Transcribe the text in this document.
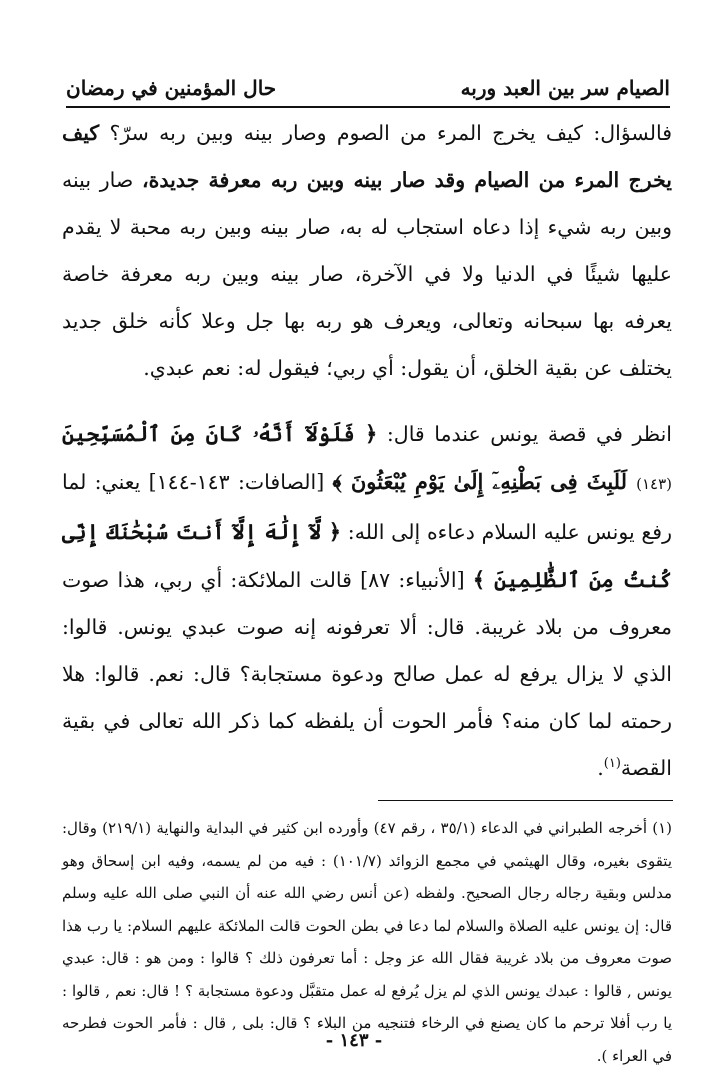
الصيام سر بين العبد وربه
حال المؤمنين في رمضان

فالسؤال: كيف يخرج المرء من الصوم وصار بينه وبين ربه سرّ؟ كيف يخرج المرء من الصيام وقد صار بينه وبين ربه معرفة جديدة، صار بينه وبين ربه شيء إذا دعاه استجاب له به، صار بينه وبين ربه محبة لا يقدم عليها شيئًا في الدنيا ولا في الآخرة، صار بينه وبين ربه معرفة خاصة يعرفه بها سبحانه وتعالى، ويعرف هو ربه بها جل وعلا كأنه خلق جديد يختلف عن بقية الخلق، أن يقول: أي ربي؛ فيقول له: نعم عبدي.

انظر في قصة يونس عندما قال: ﴿ فَلَوْلَآ أَنَّهُۥ كَانَ مِنَ ٱلْمُسَبِّحِينَ (١٤٣) لَلَبِثَ فِى بَطْنِهِۦٓ إِلَىٰ يَوْمِ يُبْعَثُونَ ﴾ [الصافات: ١٤٣-١٤٤] يعني: لما رفع يونس عليه السلام دعاءه إلى الله: ﴿ لَّآ إِلَٰهَ إِلَّآ أَنتَ سُبْحَٰنَكَ إِنِّى كُنتُ مِنَ ٱلظَّٰلِمِينَ ﴾ [الأنبياء: ٨٧] قالت الملائكة: أي ربي، هذا صوت معروف من بلاد غريبة. قال: ألا تعرفونه إنه صوت عبدي يونس. قالوا: الذي لا يزال يرفع له عمل صالح ودعوة مستجابة؟ قال: نعم. قالوا: هلا رحمته لما كان منه؟ فأمر الحوت أن يلفظه كما ذكر الله تعالى في بقية القصة$^{(١)}$.

(١) أخرجه الطبراني في الدعاء (٣٥/١ ، رقم ٤٧) وأورده ابن كثير في البداية والنهاية (٢١٩/١) وقال: يتقوى بغيره، وقال الهيثمي في مجمع الزوائد (١٠١/٧) : فيه من لم يسمه، وفيه ابن إسحاق وهو مدلس وبقية رجاله رجال الصحيح. ولفظه (عن أنس رضي الله عنه أن النبي صلى الله عليه وسلم قال: إن يونس عليه الصلاة والسلام لما دعا في بطن الحوت قالت الملائكة عليهم السلام: يا رب هذا صوت معروف من بلاد غريبة فقال الله عز وجل : أما تعرفون ذلك ؟ قالوا : ومن هو : قال: عبدي يونس , قالوا : عبدك يونس الذي لم يزل يُرفع له عمل متقبَّل ودعوة مستجابة ؟ ! قال: نعم , قالوا : يا رب أفلا ترحم ما كان يصنع في الرخاء فتنجيه من البلاء ؟ قال: بلى , قال : فأمر الحوت فطرحه في العراء ).

- ١٤٣ -
